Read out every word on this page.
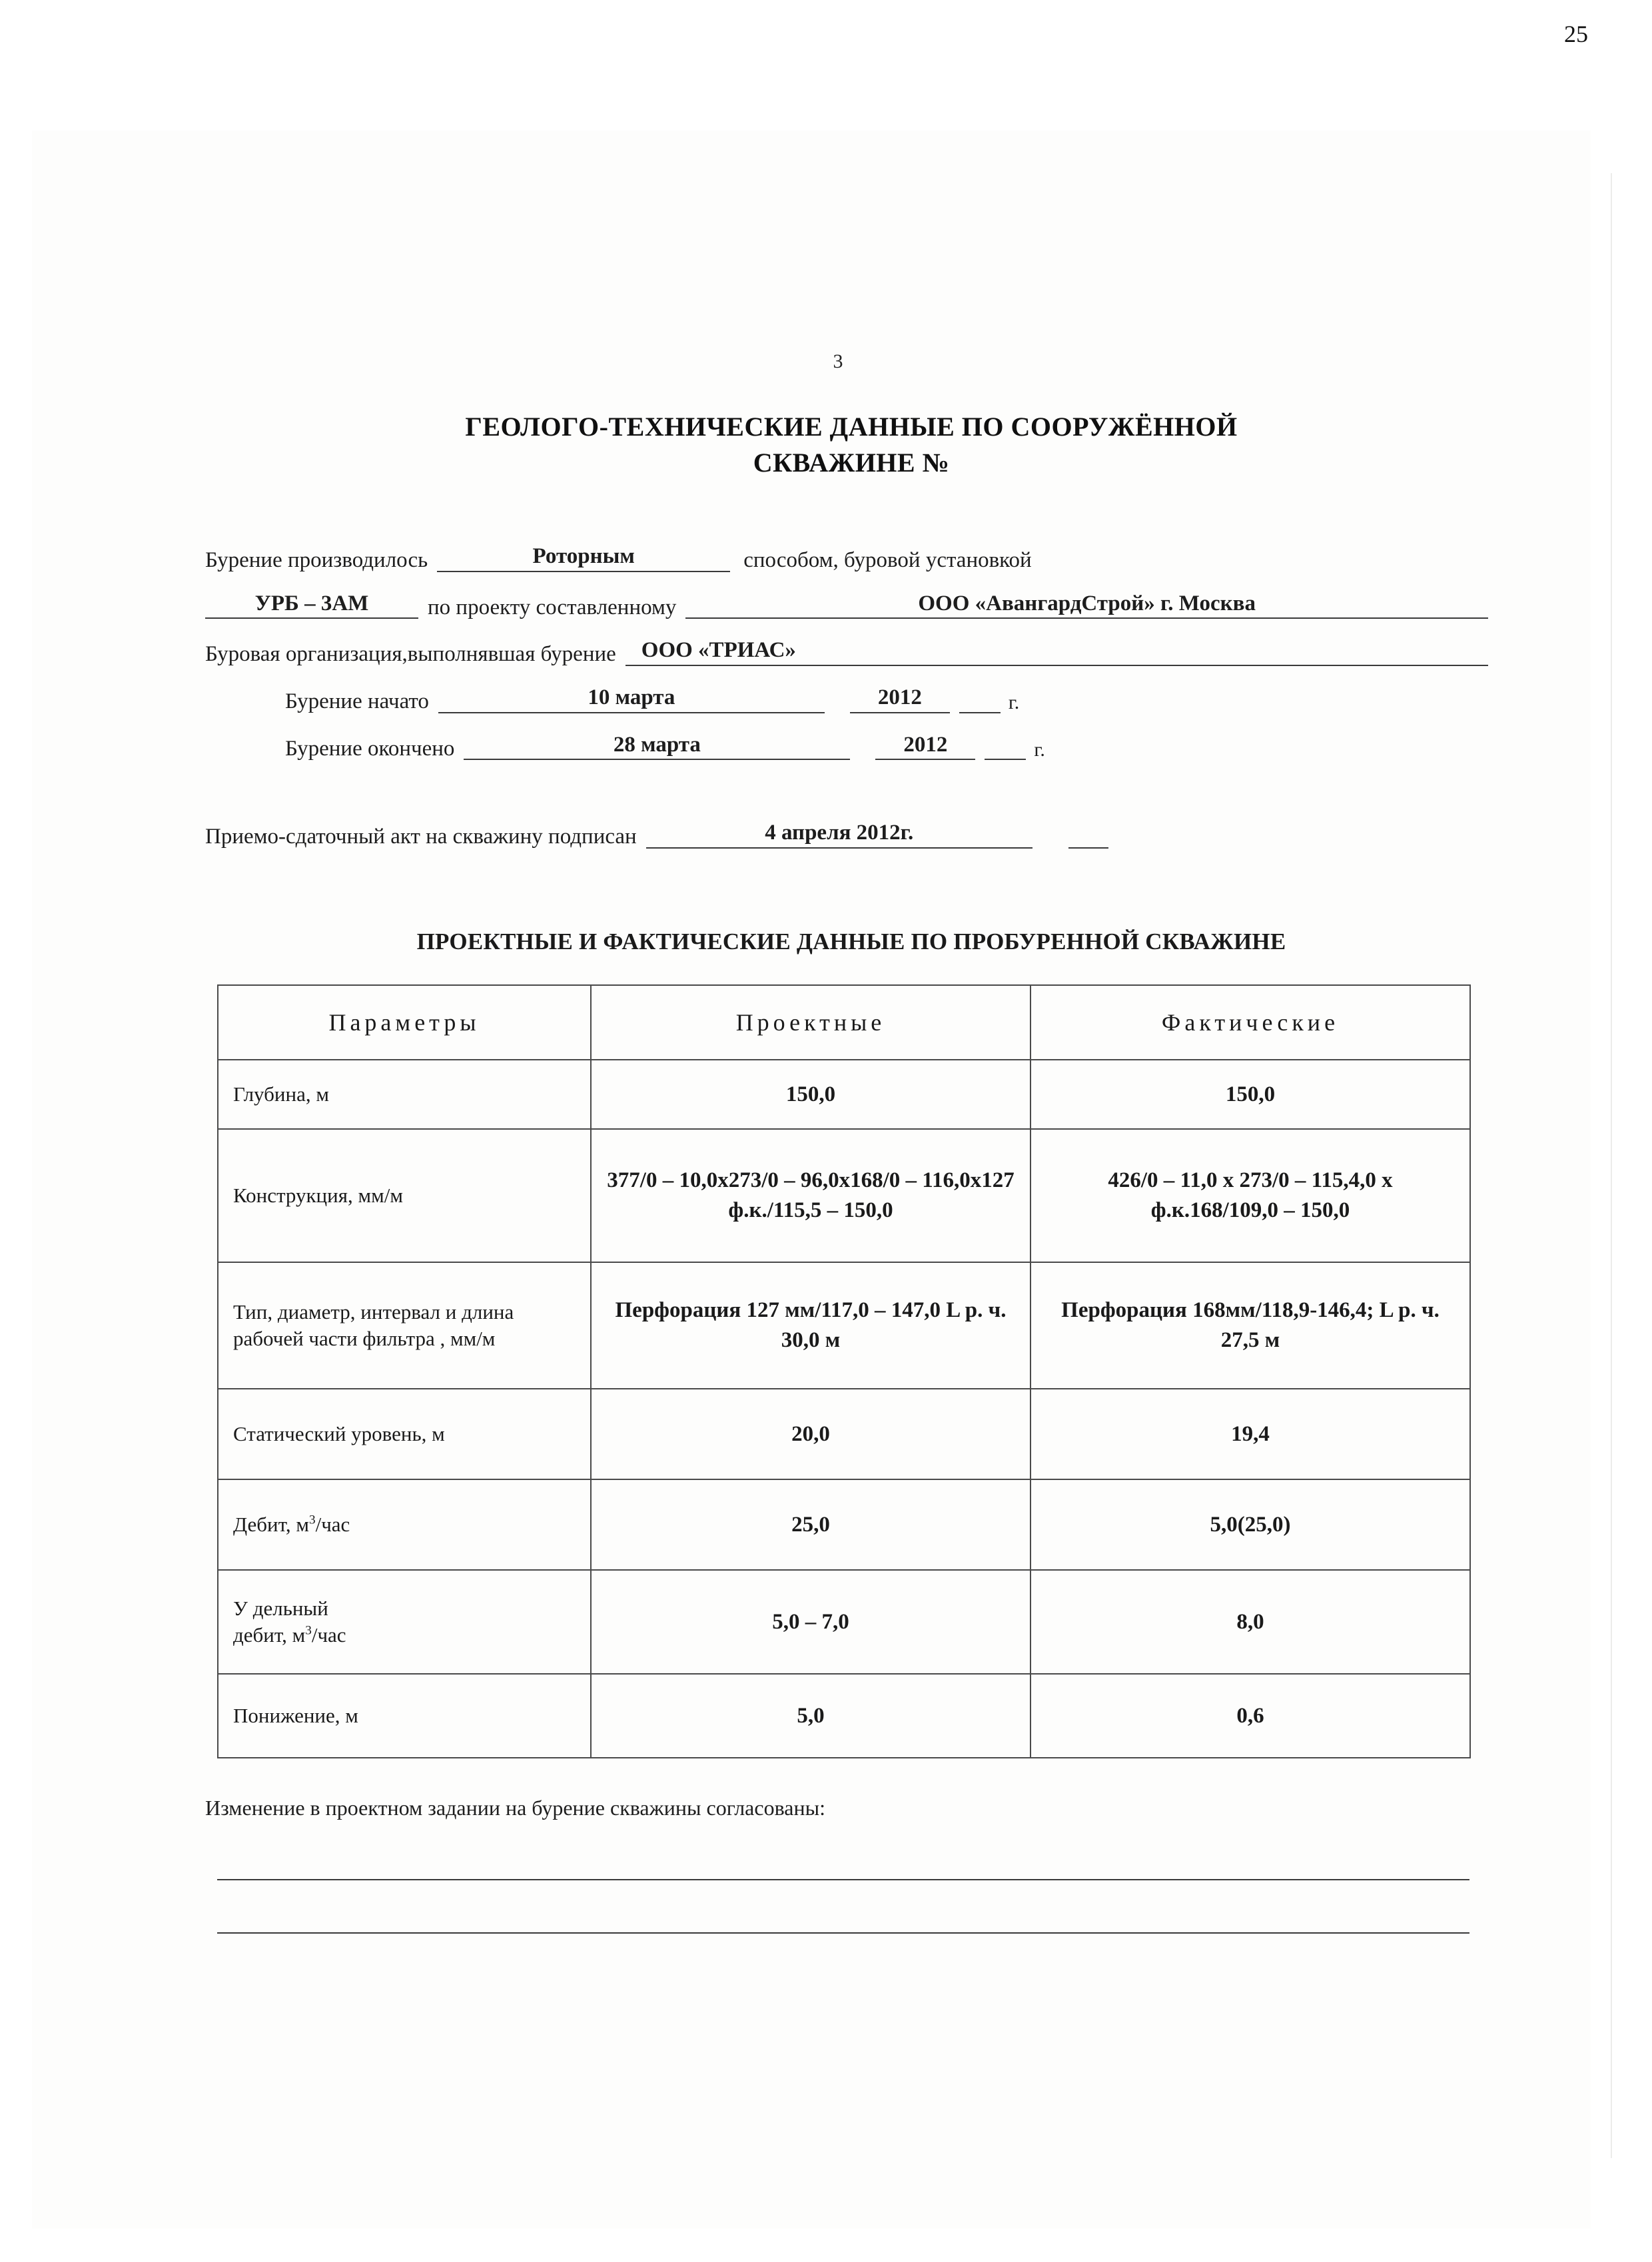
25
3
ГЕОЛОГО-ТЕХНИЧЕСКИЕ ДАННЫЕ ПО СООРУЖЁННОЙ
СКВАЖИНЕ №
Бурение производилось	Роторным	способом, буровой установкой
УРБ – 3АМ	по проекту составленному	ООО «АвангардСтрой» г. Москва
Буровая организация,выполнявшая бурение	ООО «ТРИАС»
Бурение начато	10 марта	2012	г.
Бурение окончено	28 марта	2012	г.
Приемо-сдаточный акт на скважину подписан	4 апреля 2012г.
ПРОЕКТНЫЕ И ФАКТИЧЕСКИЕ ДАННЫЕ ПО ПРОБУРЕННОЙ СКВАЖИНЕ
Параметры	Проектные	Фактические
Глубина, м	150,0	150,0
Конструкция, мм/м	377/0 – 10,0х273/0 – 96,0х168/0 – 116,0х127 ф.к./115,5 – 150,0	426/0 – 11,0 х 273/0 – 115,4,0 х ф.к.168/109,0 – 150,0
Тип, диаметр, интервал и длина рабочей части фильтра , мм/м	Перфорация 127 мм/117,0 – 147,0 L p. ч. 30,0 м	Перфорация 168мм/118,9-146,4; L p. ч. 27,5 м
Статический уровень, м	20,0	19,4
Дебит, $м^3$/час	25,0	5,0(25,0)

У дельный
дебит, $м^3$/час	5,0 – 7,0	8,0
Понижение, м	5,0	0,6
Изменение в проектном задании на бурение скважины согласованы:
